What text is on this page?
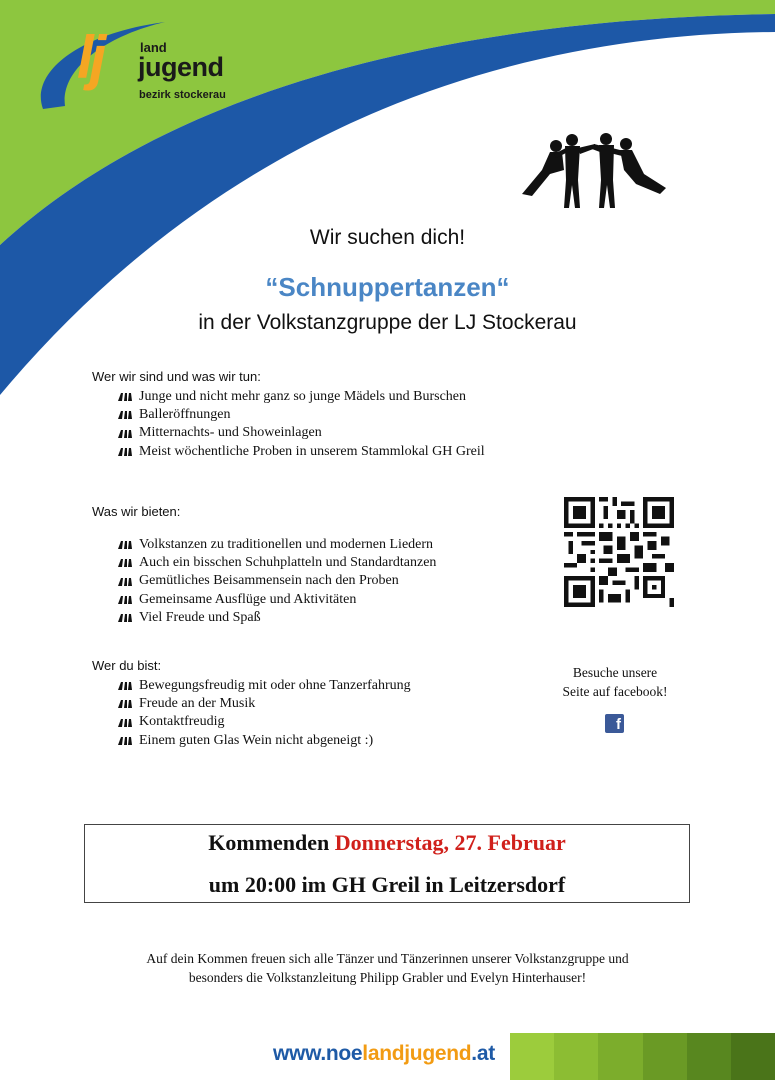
lj	land
jugend
bezirk stockerau
Wir suchen dich!
“Schnuppertanzen“
in der Volkstanzgruppe der LJ Stockerau
Wer wir sind und was wir tun:
Junge und nicht mehr ganz so junge Mädels und Burschen
Balleröffnungen
Mitternachts- und Showeinlagen
Meist wöchentliche Proben in unserem Stammlokal GH Greil
Was wir bieten:
Volkstanzen zu traditionellen und modernen Liedern
Auch ein bisschen Schuhplatteln und Standardtanzen
Gemütliches Beisammensein nach den Proben
Gemeinsame Ausflüge und Aktivitäten
Viel Freude und Spaß
Wer du bist:
Bewegungsfreudig mit oder ohne Tanzerfahrung
Freude an der Musik
Kontaktfreudig
Einem guten Glas Wein nicht abgeneigt :)
Besuche unsere
Seite auf facebook!
f
Kommenden Donnerstag, 27. Februar
um 20:00 im GH Greil in Leitzersdorf
Auf dein Kommen freuen sich alle Tänzer und Tänzerinnen unserer Volkstanzgruppe und
besonders die Volkstanzleitung Philipp Grabler und Evelyn Hinterhauser!
www.noelandjugend.at
